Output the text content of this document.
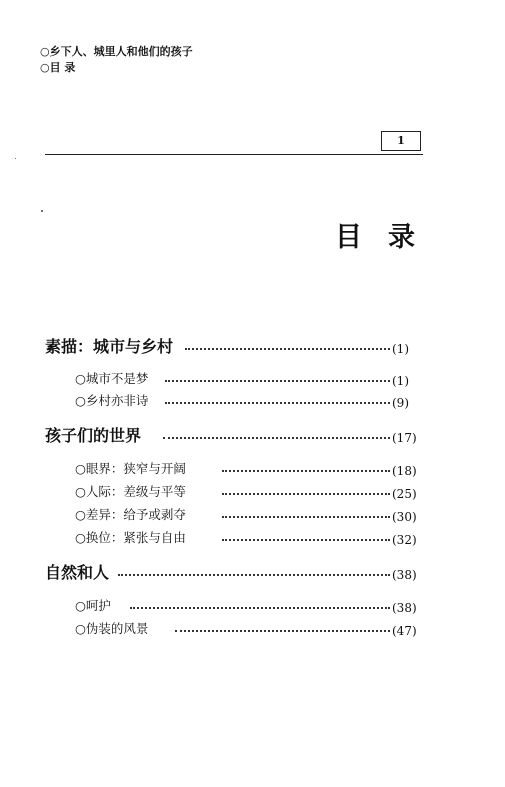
○乡下人、城里人和他们的孩子
○目 录
1
目 录
素描：城市与乡村	(1)
○城市不是梦	(1)
○乡村亦非诗	(9)
孩子们的世界	(17)
○眼界：狭窄与开阔	(18)
○人际：差级与平等	(25)
○差异：给予或剥夺	(30)
○换位：紧张与自由	(32)
自然和人	(38)
○呵护	(38)
○伪装的风景	(47)
